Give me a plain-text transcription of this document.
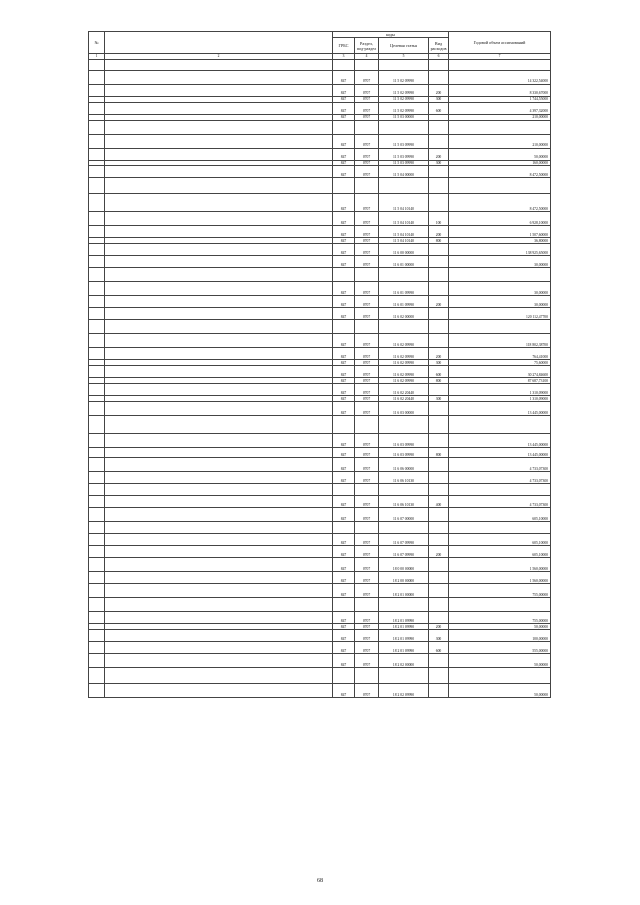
№		коды				Годовой объем ассигнований
		ГРБС	Раздел, под-раздел	Целевая статья	Вид расходов	
1	2	3	4	5	6	7

		847	0707	11 5 02 09990		14 322,54000
		847	0707	11 5 02 09990	200	8 330,67000
		847	0707	11 5 02 09990	300	1 744,55000
		847	0707	11 5 02 09990	600	4 397,32000
		847	0707	11 5 03 00000		210,00000

		847	0707	11 5 03 09990		210,00000
		847	0707	11 5 03 09990	200	50,00000
		847	0707	11 5 03 09990	300	160,00000
		847	0707	11 5 04 00000		8 472,50000

		847	0707	11 5 04 10140		8 472,50000
		847	0707	11 5 04 10140	100	6 928,10000
		847	0707	11 5 04 10140	200	1 507,60000
		847	0707	11 5 04 10140	800	36,80000
		847	0707	11 6 00 00000		138 925,65000
		847	0707	11 6 01 00000		30,00000

		847	0707	11 6 01 09990		30,00000
		847	0707	11 6 01 09990	200	30,00000
		847	0707	11 6 02 00000		120 112,47700

		847	0707	11 6 02 09990		118 802,38700
		847	0707	11 6 02 09990	200	764,41000
		847	0707	11 6 02 09990	300	75,60000
		847	0707	11 6 02 09990	600	30 274,84600
		847	0707	11 6 02 09990	800	87 687,73100
		847	0707	11 6 02 20440		1 310,09000
		847	0707	11 6 02 20440	300	1 310,09000
		847	0707	11 6 03 00000		13 445,00000

		847	0707	11 6 03 09990		13 445,00000
		847	0707	11 6 03 09990	800	13 445,00000
		847	0707	11 6 06 00000		4 733,07300
		847	0707	11 6 06 10130		4 733,07300

		847	0707	11 6 06 10130	400	4 733,07300
		847	0707	11 6 07 00000		605,10000

		847	0707	11 6 07 09990		605,10000
		847	0707	11 6 07 09990	200	605,10000
		847	0707	18 0 00 00000		1 560,00000
		847	0707	18 2 00 00000		1 560,00000
		847	0707	18 2 01 00000		755,00000

		847	0707	18 2 01 09990		755,00000
		847	0707	18 2 01 09990	200	50,00000
		847	0707	18 2 01 09990	300	100,00000
		847	0707	18 2 01 09990	600	555,00000
		847	0707	18 2 02 00000		50,00000

		847	0707	18 2 02 09990		50,00000
68
